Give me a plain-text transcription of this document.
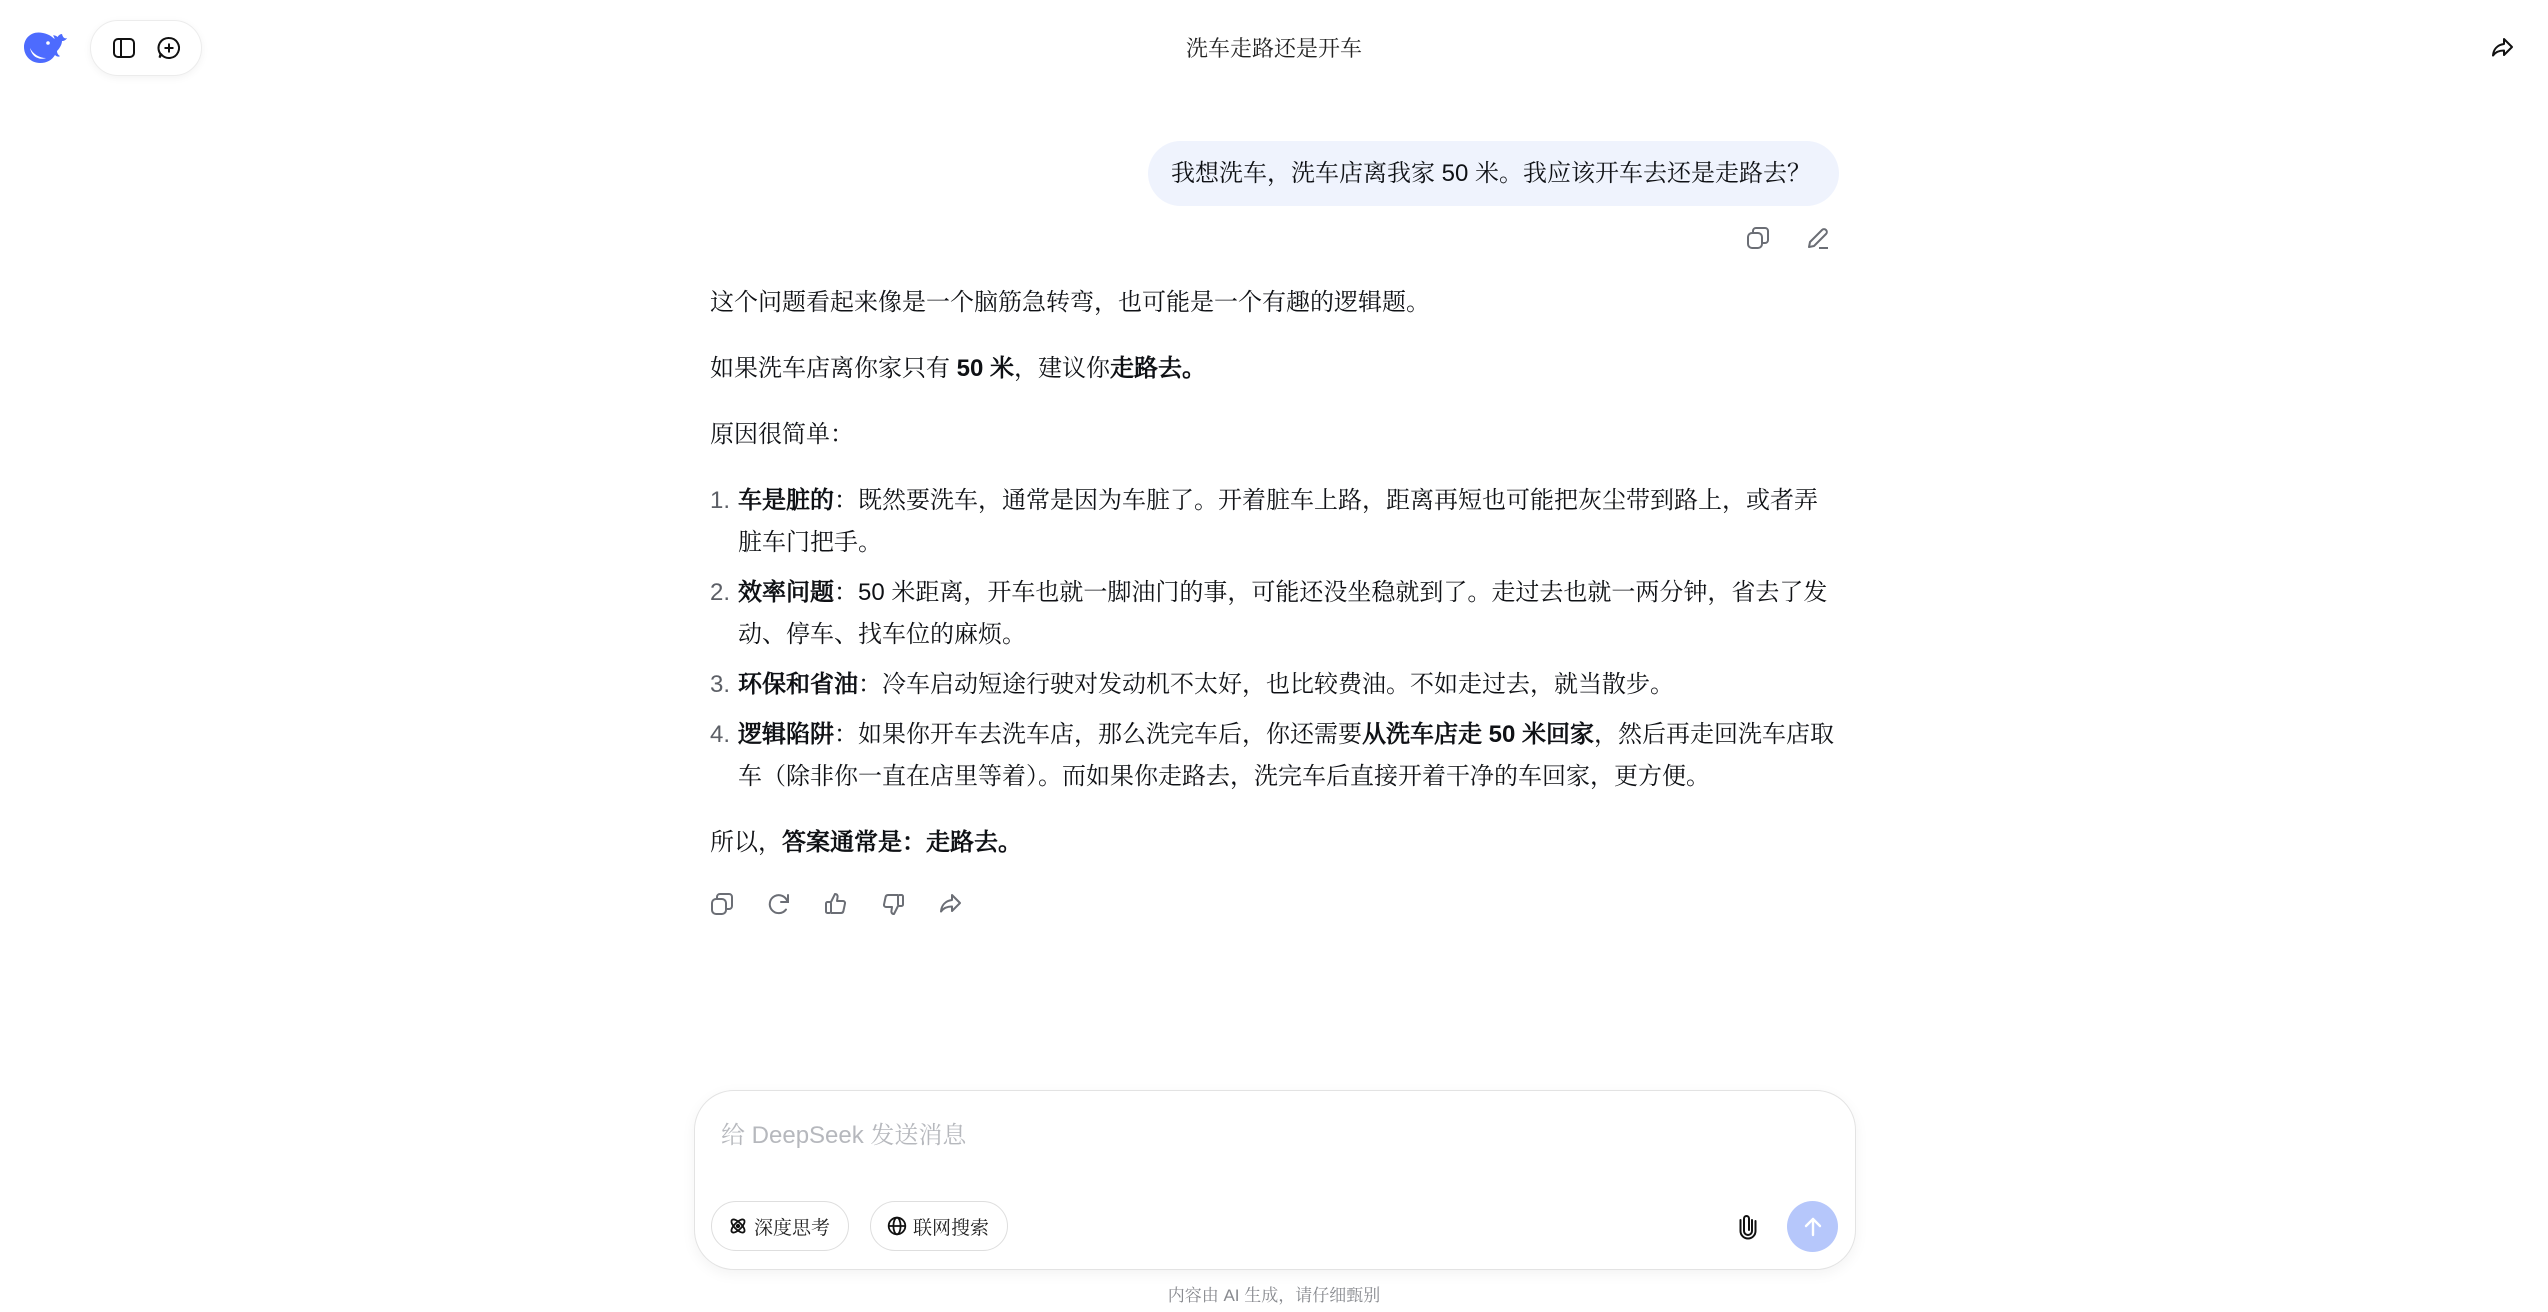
洗车走路还是开车
我想洗车，洗车店离我家 50 米。我应该开车去还是走路去？

这个问题看起来像是一个脑筋急转弯，也可能是一个有趣的逻辑题。

如果洗车店离你家只有 50 米，建议你走路去。

原因很简单：

1. 车是脏的：既然要洗车，通常是因为车脏了。开着脏车上路，距离再短也可能把灰尘带到路上，或者弄脏车门把手。
2. 效率问题：50 米距离，开车也就一脚油门的事，可能还没坐稳就到了。走过去也就一两分钟，省去了发动、停车、找车位的麻烦。
3. 环保和省油：冷车启动短途行驶对发动机不太好，也比较费油。不如走过去，就当散步。
4. 逻辑陷阱：如果你开车去洗车店，那么洗完车后，你还需要从洗车店走 50 米回家，然后再走回洗车店取车（除非你一直在店里等着）。而如果你走路去，洗完车后直接开着干净的车回家，更方便。

所以，答案通常是：走路去。

给 DeepSeek 发送消息
深度思考	联网搜索
内容由 AI 生成，请仔细甄别
